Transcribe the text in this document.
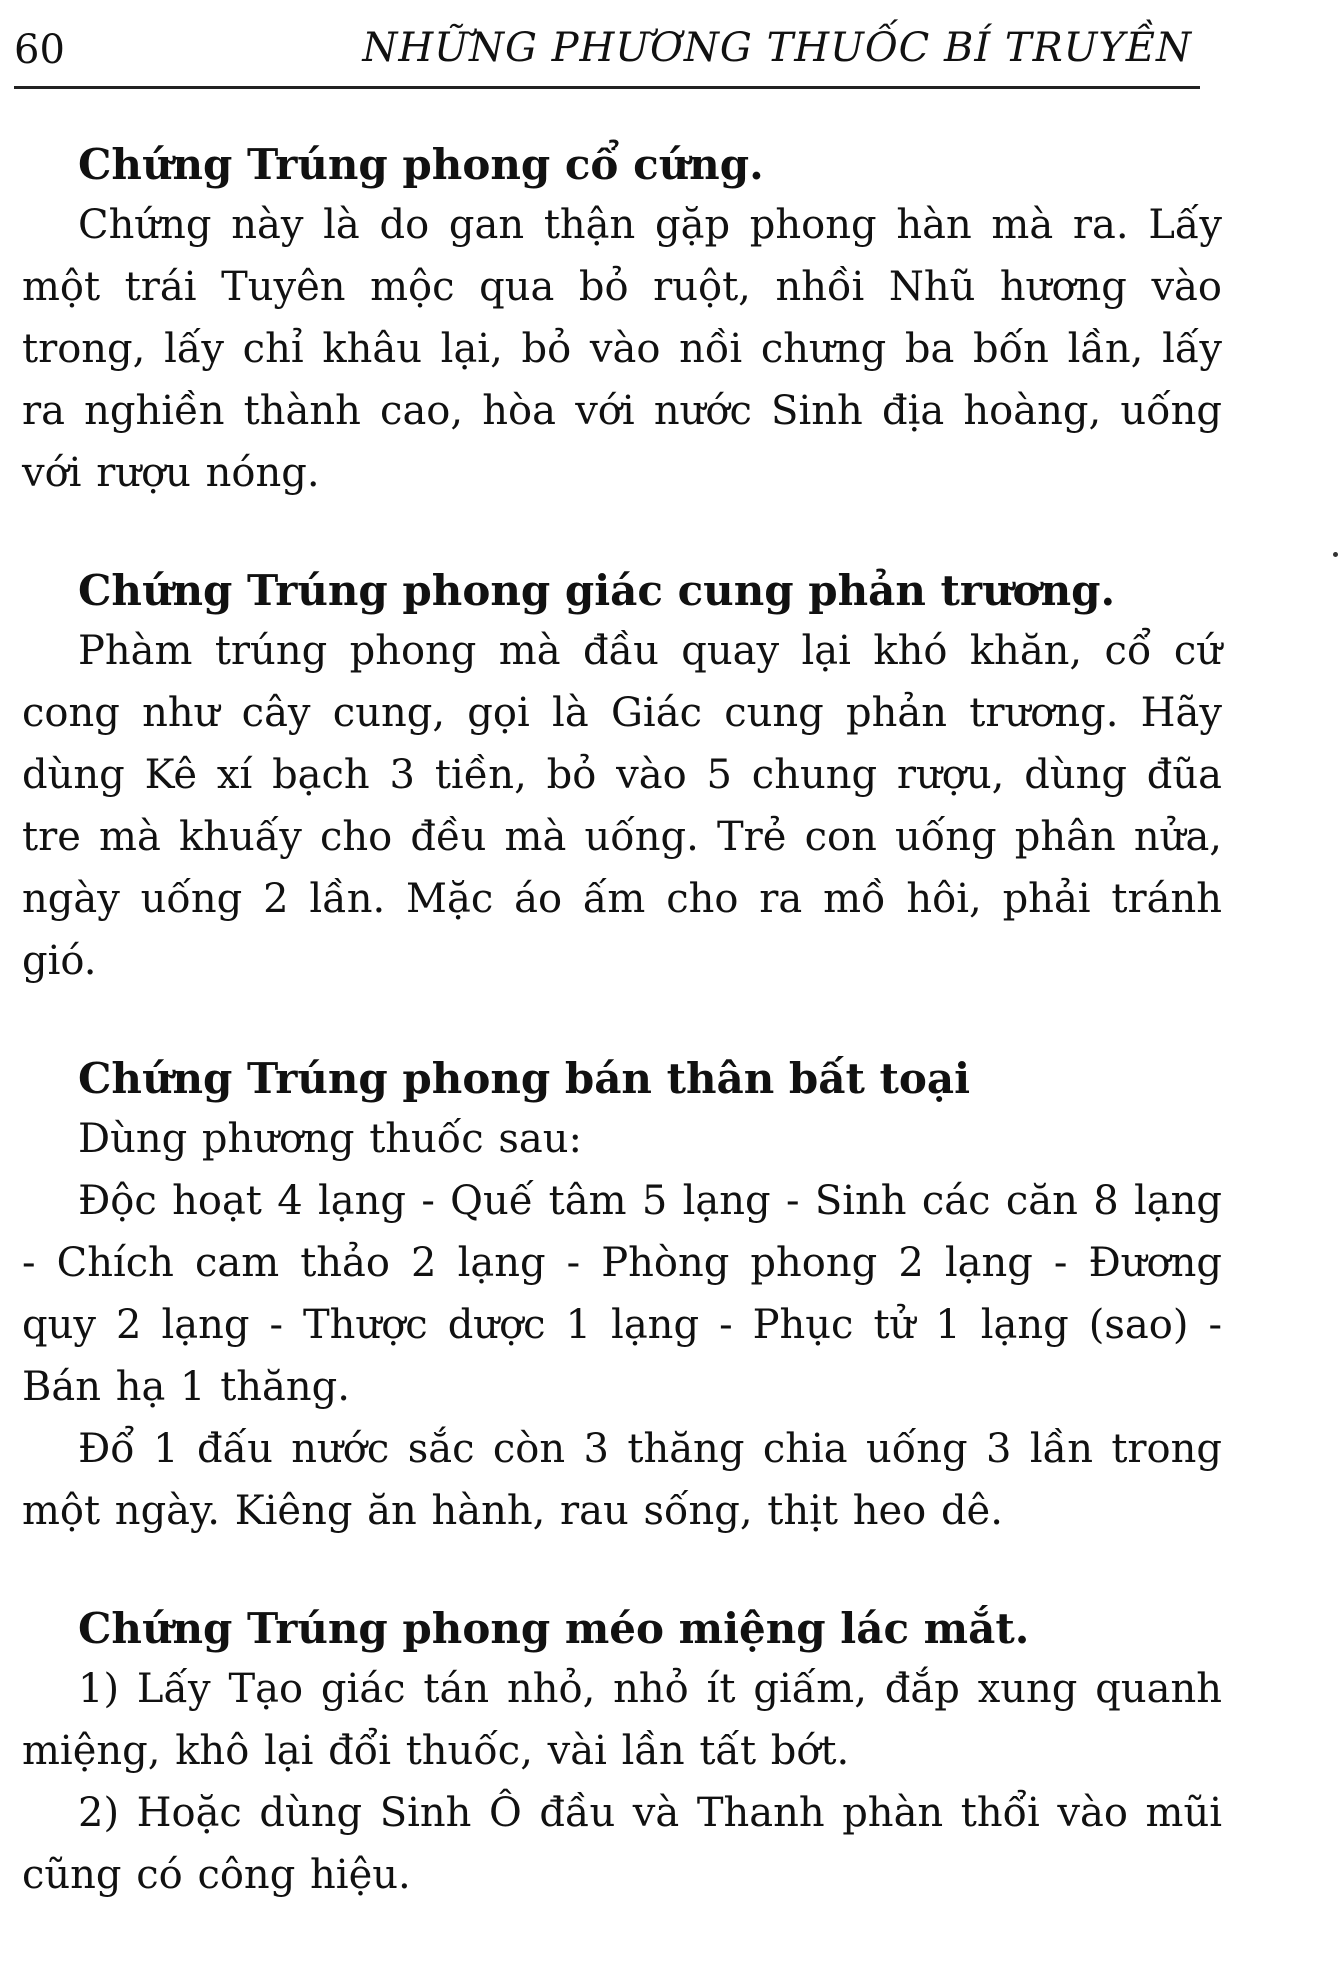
60	NHỮNG PHƯƠNG THUỐC BÍ TRUYỀN
Chứng Trúng phong cổ cứng.

Chứng này là do gan thận gặp phong hàn mà ra. Lấy một trái Tuyên mộc qua bỏ ruột, nhồi Nhũ hương vào trong, lấy chỉ khâu lại, bỏ vào nồi chưng ba bốn lần, lấy ra nghiền thành cao, hòa với nước Sinh địa hoàng, uống với rượu nóng.

Chứng Trúng phong giác cung phản trương.

Phàm trúng phong mà đầu quay lại khó khăn, cổ cứ cong như cây cung, gọi là Giác cung phản trương. Hãy dùng Kê xí bạch 3 tiền, bỏ vào 5 chung rượu, dùng đũa tre mà khuấy cho đều mà uống. Trẻ con uống phân nửa, ngày uống 2 lần. Mặc áo ấm cho ra mồ hôi, phải tránh gió.

Chứng Trúng phong bán thân bất toại

Dùng phương thuốc sau:

Độc hoạt 4 lạng - Quế tâm 5 lạng - Sinh các căn 8 lạng - Chích cam thảo 2 lạng - Phòng phong 2 lạng - Đương quy 2 lạng - Thược dược 1 lạng - Phục tử 1 lạng (sao) - Bán hạ 1 thăng.

Đổ 1 đấu nước sắc còn 3 thăng chia uống 3 lần trong một ngày. Kiêng ăn hành, rau sống, thịt heo dê.

Chứng Trúng phong méo miệng lác mắt.

1) Lấy Tạo giác tán nhỏ, nhỏ ít giấm, đắp xung quanh miệng, khô lại đổi thuốc, vài lần tất bớt.

2) Hoặc dùng Sinh Ô đầu và Thanh phàn thổi vào mũi cũng có công hiệu.
